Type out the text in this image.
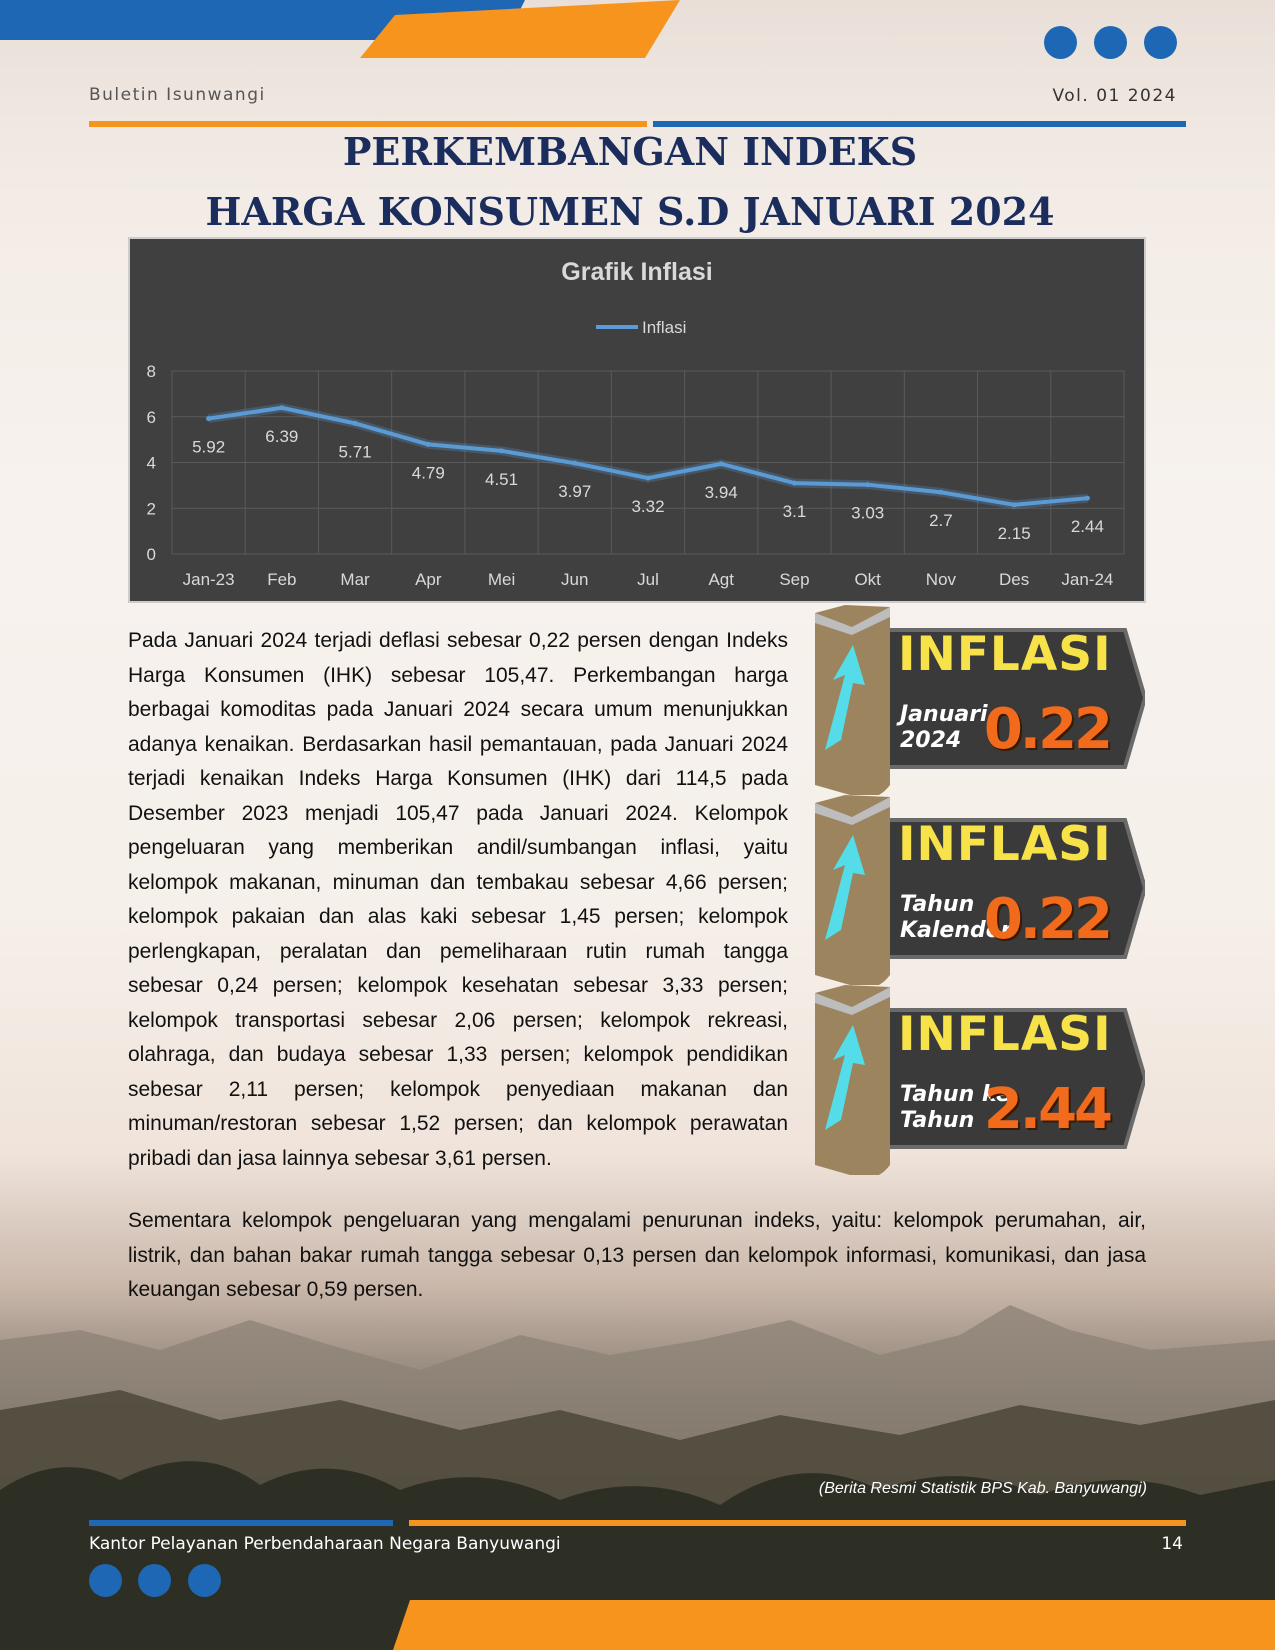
Buletin Isunwangi	Vol. 01 2024
PERKEMBANGAN INDEKS
HARGA KONSUMEN S.D JANUARI 2024
Grafik Inflasi
Inflasi
0
2
4
6
8
Jan-23 Feb	Mar	Apr	Mei	Jun	Jul	Agt	Sep	Okt	Nov	Des Jan-24
5.92
6.39
5.71
4.79 4.51
3.97
3.32
3.94
3.1	3.03	2.7
2.15 2.44
Pada Januari 2024 terjadi deflasi sebesar 0,22 persen dengan Indeks Harga Konsumen (IHK) sebesar 105,47. Perkembangan harga berbagai komoditas pada Januari 2024 secara umum menunjukkan adanya kenaikan. Berdasarkan hasil pemantauan, pada Januari 2024 terjadi kenaikan Indeks Harga Konsumen (IHK) dari 114,5 pada Desember 2023 menjadi 105,47 pada Januari 2024. Kelompok pengeluaran yang memberikan andil/sumbangan inflasi, yaitu kelompok makanan, minuman dan tembakau sebesar 4,66 persen; kelompok pakaian dan alas kaki sebesar 1,45 persen; kelompok perlengkapan, peralatan dan pemeliharaan rutin rumah tangga sebesar 0,24 persen; kelompok kesehatan sebesar 3,33 persen; kelompok transportasi sebesar 2,06 persen; kelompok rekreasi, olahraga, dan budaya sebesar 1,33 persen; kelompok pendidikan sebesar 2,11 persen; kelompok penyediaan makanan dan minuman/restoran sebesar 1,52 persen; dan kelompok perawatan pribadi dan jasa lainnya sebesar 3,61 persen.
Sementara kelompok pengeluaran yang mengalami penurunan indeks, yaitu: kelompok perumahan, air, listrik, dan bahan bakar rumah tangga sebesar 0,13 persen dan kelompok informasi, komunikasi, dan jasa keuangan sebesar 0,59 persen.
INFLASI
Januari
2024 0.22
INFLASI
Tahun
Kalender
0.22
INFLASI
Tahun ke
Tahun 2.44
(Berita Resmi Statistik BPS Kab. Banyuwangi)
Kantor Pelayanan Perbendaharaan Negara Banyuwangi	14
